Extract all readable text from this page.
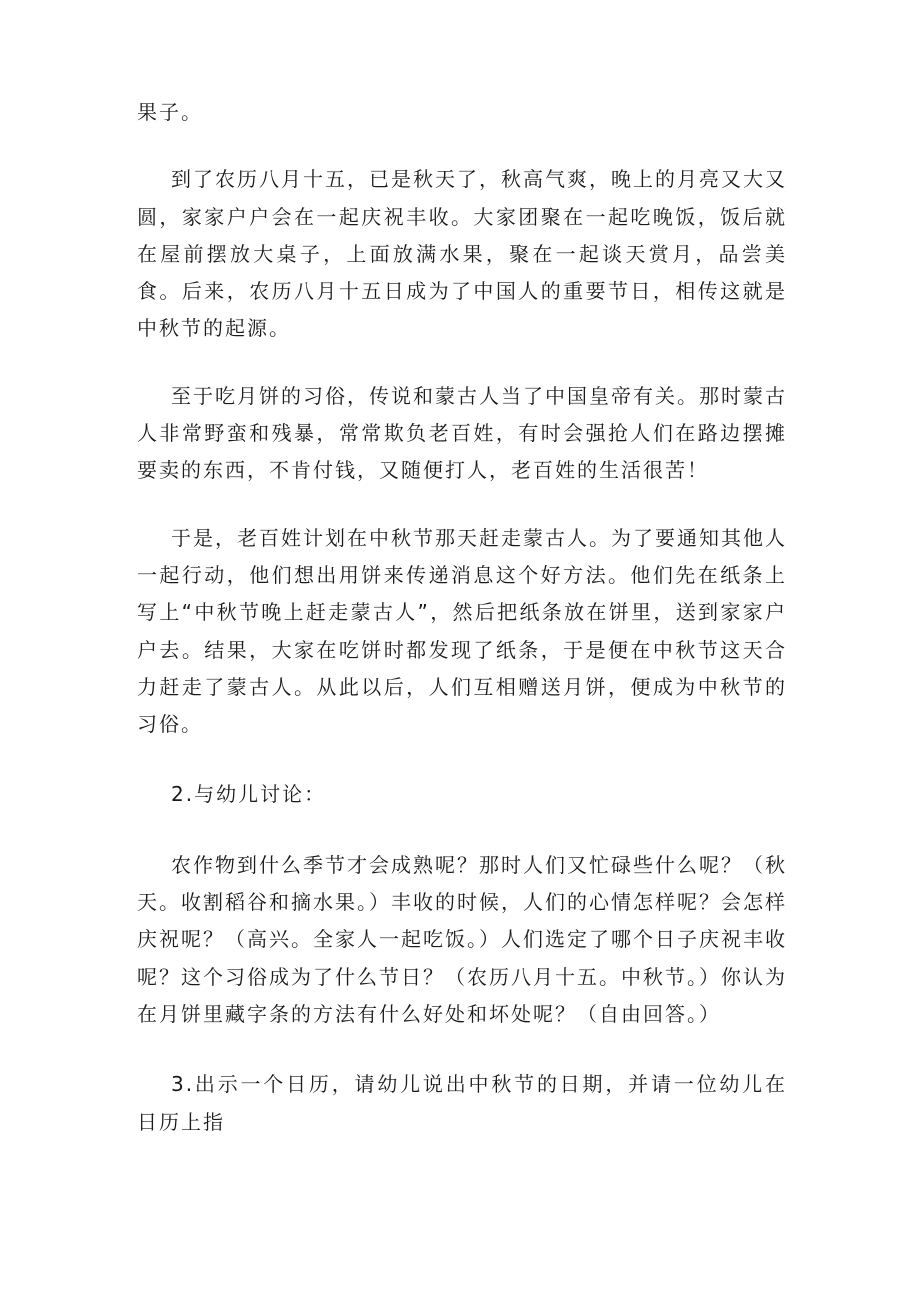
果子。

到了农历八月十五，已是秋天了，秋高气爽，晚上的月亮又大又圆，家家户户会在一起庆祝丰收。大家团聚在一起吃晚饭，饭后就在屋前摆放大桌子，上面放满水果，聚在一起谈天赏月，品尝美食。后来，农历八月十五日成为了中国人的重要节日，相传这就是中秋节的起源。

至于吃月饼的习俗，传说和蒙古人当了中国皇帝有关。那时蒙古人非常野蛮和残暴，常常欺负老百姓，有时会强抢人们在路边摆摊要卖的东西，不肯付钱，又随便打人，老百姓的生活很苦！

于是，老百姓计划在中秋节那天赶走蒙古人。为了要通知其他人一起行动，他们想出用饼来传递消息这个好方法。他们先在纸条上写上“中秋节晚上赶走蒙古人”，然后把纸条放在饼里，送到家家户户去。结果，大家在吃饼时都发现了纸条，于是便在中秋节这天合力赶走了蒙古人。从此以后，人们互相赠送月饼，便成为中秋节的习俗。

2.与幼儿讨论：

农作物到什么季节才会成熟呢？那时人们又忙碌些什么呢？（秋天。收割稻谷和摘水果。）丰收的时候，人们的心情怎样呢？会怎样庆祝呢？（高兴。全家人一起吃饭。）人们选定了哪个日子庆祝丰收呢？这个习俗成为了什么节日？（农历八月十五。中秋节。）你认为在月饼里藏字条的方法有什么好处和坏处呢？（自由回答。）

3.出示一个日历，请幼儿说出中秋节的日期，并请一位幼儿在日历上指
